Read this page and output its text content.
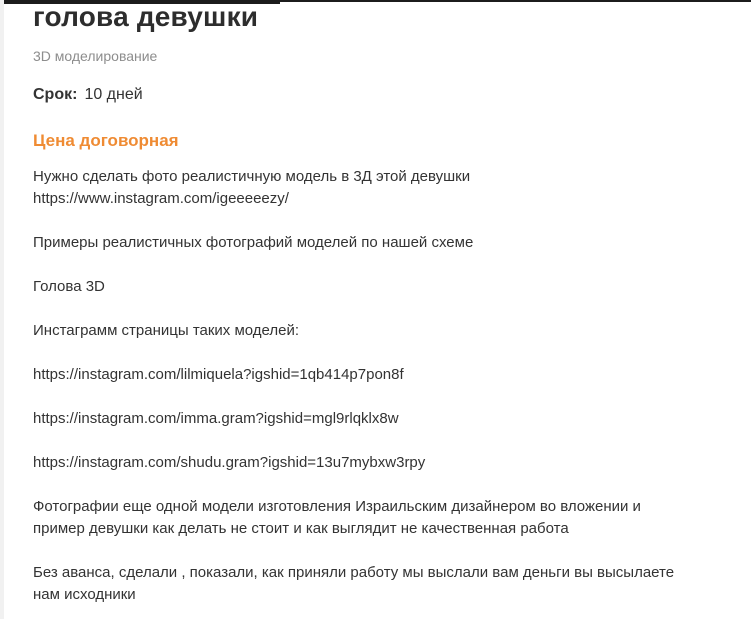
голова девушки
3D моделирование
Срок: 10 дней
Цена договорная

Нужно сделать фото реалистичную модель в 3Д этой девушки
https://www.instagram.com/igeeeeezy/

Примеры реалистичных фотографий моделей по нашей схеме

Голова 3D

Инстаграмм страницы таких моделей:

https://instagram.com/lilmiquela?igshid=1qb414p7pon8f

https://instagram.com/imma.gram?igshid=mgl9rlqklx8w

https://instagram.com/shudu.gram?igshid=13u7mybxw3rpy

Фотографии еще одной модели изготовления Израильским дизайнером во вложении и
пример девушки как делать не стоит и как выглядит не качественная работа

Без аванса, сделали , показали, как приняли работу мы выслали вам деньги вы высылаете
нам исходники
